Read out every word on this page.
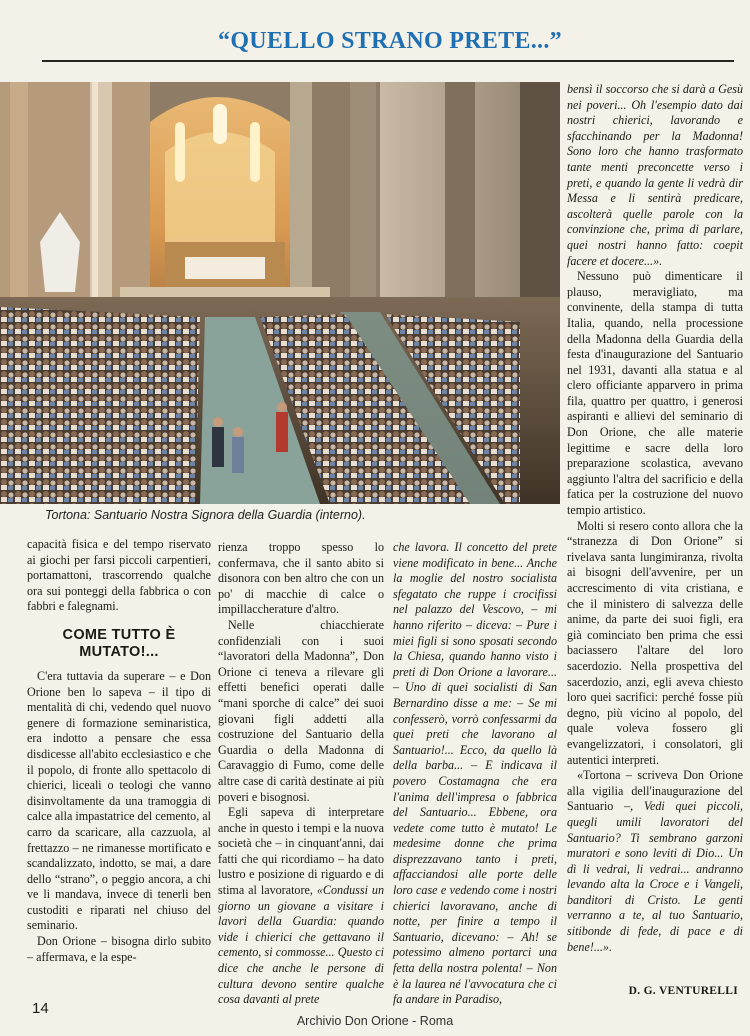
“QUELLO STRANO PRETE...”
Tortona: Santuario Nostra Signora della Guardia (interno).

capacità fisica e del tempo riservato ai giochi per farsi piccoli carpentieri, portamattoni, trascorrendo qualche ora sui ponteggi della fabbrica o con fabbri e falegnami.

COME TUTTO È MUTATO!...

C'era tuttavia da superare – e Don Orione ben lo sapeva – il tipo di mentalità di chi, vedendo quel nuovo genere di formazione seminaristica, era indotto a pensare che essa disdicesse all'abito ecclesiastico e che il popolo, di fronte allo spettacolo di chierici, liceali o teologi che vanno disinvoltamente da una tramoggia di calce alla impastatrice del cemento, al carro da scaricare, alla cazzuola, al frettazzo – ne rimanesse mortificato e scandalizzato, indotto, se mai, a dare dello “strano”, o peggio ancora, a chi ve li mandava, invece di tenerli ben custoditi e riparati nel chiuso del seminario.

Don Orione – bisogna dirlo subito – affermava, e la espe-

rienza troppo spesso lo confermava, che il santo abito si disonora con ben altro che con un po' di macchie di calce o impillaccherature d'altro.

Nelle chiacchierate confidenziali con i suoi “lavoratori della Madonna”, Don Orione ci teneva a rilevare gli effetti benefici operati dalle “mani sporche di calce” dei suoi giovani figli addetti alla costruzione del Santuario della Guardia o della Madonna di Caravaggio di Fumo, come delle altre case di carità destinate ai più poveri e bisognosi.

Egli sapeva di interpretare anche in questo i tempi e la nuova società che – in cinquant'anni, dai fatti che qui ricordiamo – ha dato lustro e posizione di riguardo e di stima al lavoratore, «Condussi un giorno un giovane a visitare i lavori della Guardia: quando vide i chierici che gettavano il cemento, si commosse... Questo ci dice che anche le persone di cultura devono sentire qualche cosa davanti al prete

che lavora. Il concetto del prete viene modificato in bene... Anche la moglie del nostro socialista sfegatato che ruppe i crocifissi nel palazzo del Vescovo, – mi hanno riferito – diceva: – Pure i miei figli si sono sposati secondo la Chiesa, quando hanno visto i preti di Don Orione a lavorare... – Uno di quei socialisti di San Bernardino disse a me: – Se mi confesserò, vorrò confessarmi da quei preti che lavorano al Santuario!... Ecco, da quello là della barba... – E indicava il povero Costamagna che era l'anima dell'impresa o fabbrica del Santuario... Ebbene, ora vedete come tutto è mutato! Le medesime donne che prima disprezzavano tanto i preti, affacciandosi alle porte delle loro case e vedendo come i nostri chierici lavoravano, anche di notte, per finire a tempo il Santuario, dicevano: – Ah! se potessimo almeno portarci una fetta della nostra polenta! – Non è la laurea né l'avvocatura che ci fa andare in Paradiso,

bensì il soccorso che si darà a Gesù nei poveri... Oh l'esempio dato dai nostri chierici, lavorando e sfacchinando per la Madonna! Sono loro che hanno trasformato tante menti preconcette verso i preti, e quando la gente li vedrà dir Messa e li sentirà predicare, ascolterà quelle parole con la convinzione che, prima di parlare, quei nostri hanno fatto: coepit facere et docere...».

Nessuno può dimenticare il plauso, meravigliato, ma convinente, della stampa di tutta Italia, quando, nella processione della Madonna della Guardia della festa d'inaugurazione del Santuario nel 1931, davanti alla statua e al clero officiante apparvero in prima fila, quattro per quattro, i generosi aspiranti e allievi del seminario di Don Orione, che alle materie legittime e sacre della loro preparazione scolastica, avevano aggiunto l'altra del sacrificio e della fatica per la costruzione del nuovo tempio artistico.

Molti si resero conto allora che la “stranezza di Don Orione” si rivelava santa lungimiranza, rivolta ai bisogni dell'avvenire, per un accrescimento di vita cristiana, e che il ministero di salvezza delle anime, da parte dei suoi figli, era già cominciato ben prima che essi baciassero l'altare del loro sacerdozio. Nella prospettiva del sacerdozio, anzi, egli aveva chiesto loro quei sacrifici: perché fosse più degno, più vicino al popolo, del quale voleva fossero gli evangelizzatori, i consolatori, gli autentici interpreti.

«Tortona – scriveva Don Orione alla vigilia dell'inaugurazione del Santuario –, Vedi quei piccoli, quegli umili lavoratori del Santuario? Ti sembrano garzoni muratori e sono leviti di Dio... Un dì li vedrai, li vedrai... andranno levando alta la Croce e i Vangeli, banditori di Cristo. Le genti verranno a te, al tuo Santuario, sitibonde di fede, di pace e di bene!...».

D. G. VENTURELLI
14
Archivio Don Orione - Roma
